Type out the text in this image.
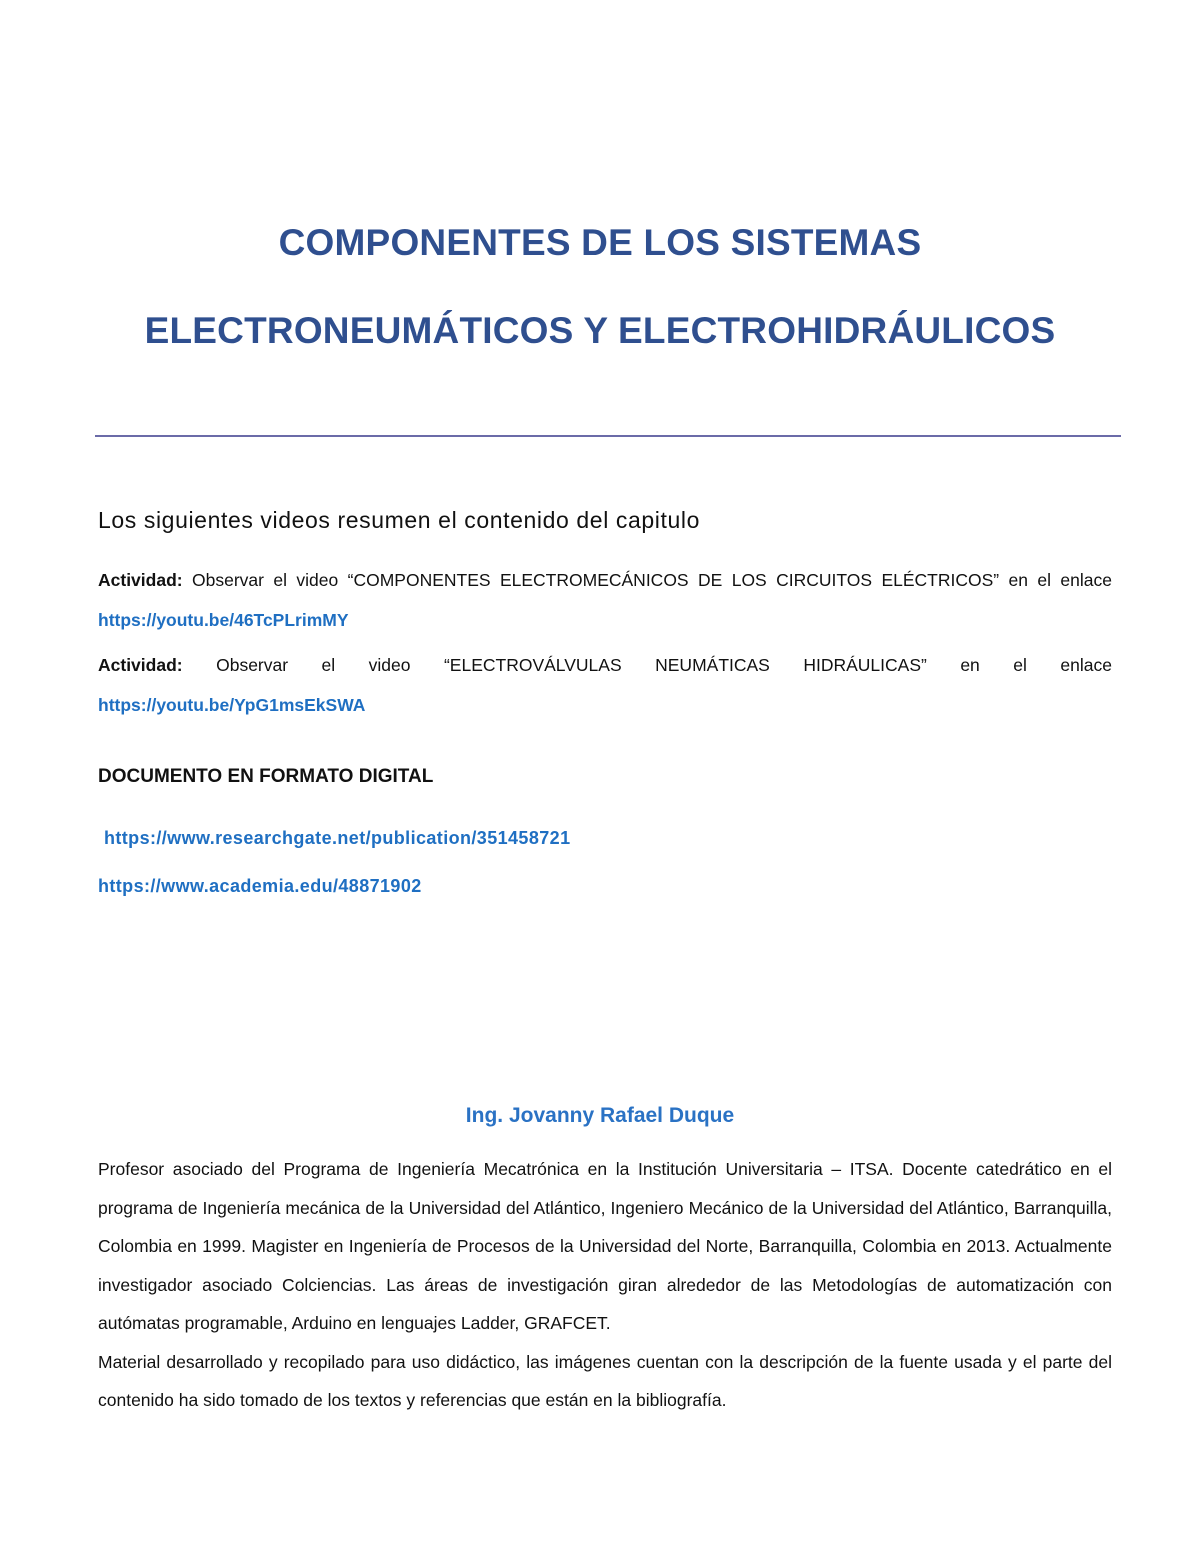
COMPONENTES DE LOS SISTEMAS
ELECTRONEUMÁTICOS Y ELECTROHIDRÁULICOS
Los siguientes videos resumen el contenido del capitulo
Actividad: Observar el video “COMPONENTES ELECTROMECÁNICOS DE LOS CIRCUITOS ELÉCTRICOS” en el enlace https://youtu.be/46TcPLrimMY
Actividad: Observar el video “ELECTROVÁLVULAS NEUMÁTICAS HIDRÁULICAS” en el enlace
https://youtu.be/YpG1msEkSWA
DOCUMENTO EN FORMATO DIGITAL
https://www.researchgate.net/publication/351458721
https://www.academia.edu/48871902
Ing. Jovanny Rafael Duque

Profesor asociado del Programa de Ingeniería Mecatrónica en la Institución Universitaria – ITSA. Docente catedrático en el programa de Ingeniería mecánica de la Universidad del Atlántico, Ingeniero Mecánico de la Universidad del Atlántico, Barranquilla, Colombia en 1999. Magister en Ingeniería de Procesos de la Universidad del Norte, Barranquilla, Colombia en 2013. Actualmente investigador asociado Colciencias. Las áreas de investigación giran alrededor de las Metodologías de automatización con autómatas programable, Arduino en lenguajes Ladder, GRAFCET.

Material desarrollado y recopilado para uso didáctico, las imágenes cuentan con la descripción de la fuente usada y el parte del contenido ha sido tomado de los textos y referencias que están en la bibliografía.
